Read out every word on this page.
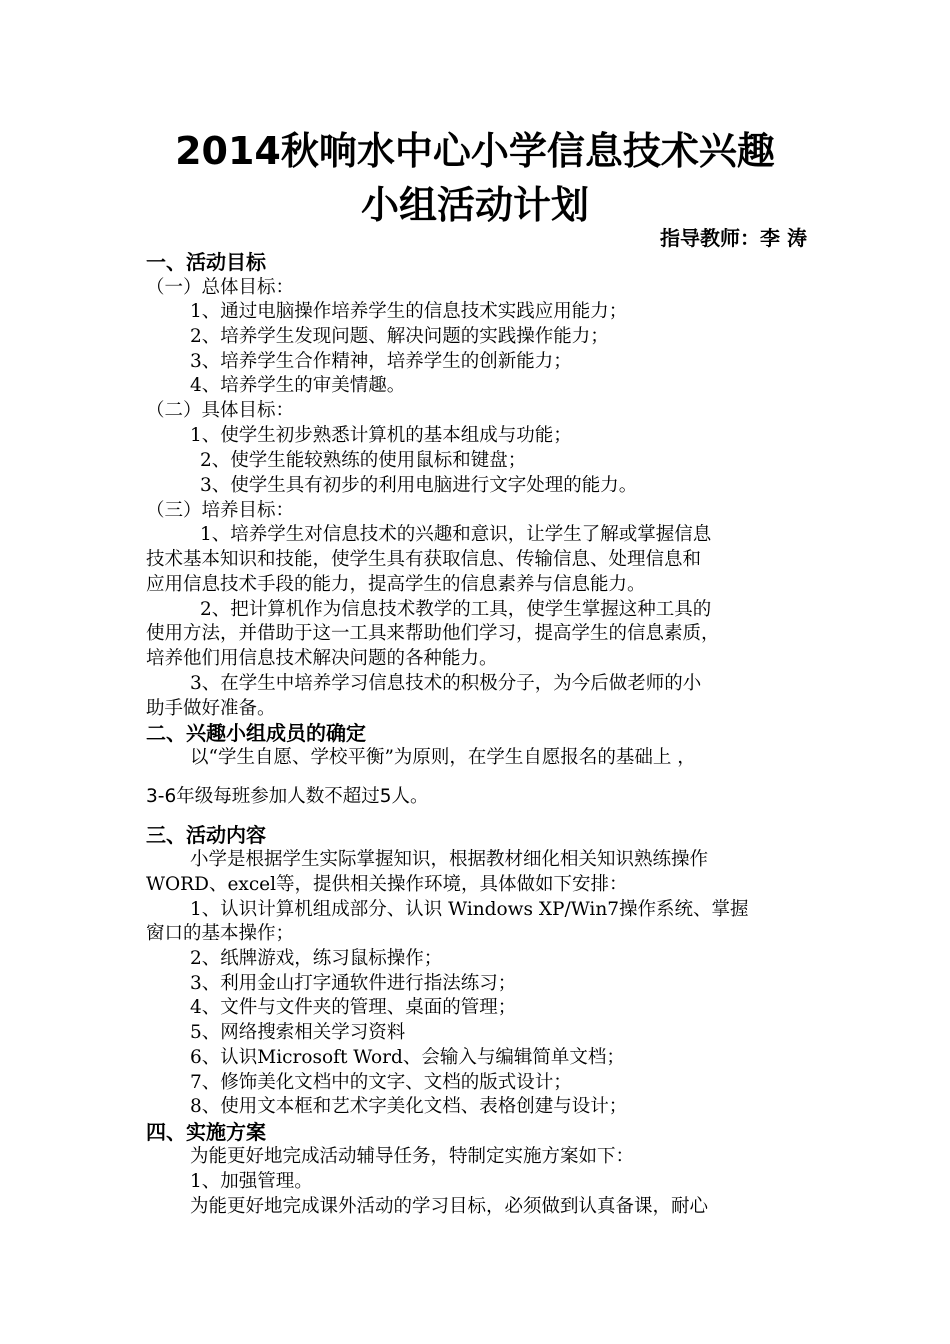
2014秋响水中心小学信息技术兴趣
小组活动计划
指导教师：李 涛
一、活动目标
（一）总体目标：
1、通过电脑操作培养学生的信息技术实践应用能力；
2、培养学生发现问题、解决问题的实践操作能力；
3、培养学生合作精神，培养学生的创新能力；
4、培养学生的审美情趣。
（二）具体目标：
1、使学生初步熟悉计算机的基本组成与功能；
2、使学生能较熟练的使用鼠标和键盘；
3、使学生具有初步的利用电脑进行文字处理的能力。
（三）培养目标：
1、培养学生对信息技术的兴趣和意识，让学生了解或掌握信息
技术基本知识和技能，使学生具有获取信息、传输信息、处理信息和
应用信息技术手段的能力，提高学生的信息素养与信息能力。
2、把计算机作为信息技术教学的工具，使学生掌握这种工具的
使用方法，并借助于这一工具来帮助他们学习，提高学生的信息素质，
培养他们用信息技术解决问题的各种能力。
3、在学生中培养学习信息技术的积极分子，为今后做老师的小
助手做好准备。
二、兴趣小组成员的确定
以“学生自愿、学校平衡”为原则，在学生自愿报名的基础上 ，
3-6年级每班参加人数不超过5人。
三、活动内容
小学是根据学生实际掌握知识，根据教材细化相关知识熟练操作
WORD、excel等，提供相关操作环境，具体做如下安排：
1、认识计算机组成部分、认识 Windows XP/Win7操作系统、掌握
窗口的基本操作；
2、纸牌游戏，练习鼠标操作；
3、利用金山打字通软件进行指法练习；
4、文件与文件夹的管理、桌面的管理；
5、网络搜索相关学习资料
6、认识Microsoft Word、会输入与编辑简单文档；
7、修饰美化文档中的文字、文档的版式设计；
8、使用文本框和艺术字美化文档、表格创建与设计；
四、实施方案
为能更好地完成活动辅导任务，特制定实施方案如下：
1、加强管理。
为能更好地完成课外活动的学习目标，必须做到认真备课，耐心
